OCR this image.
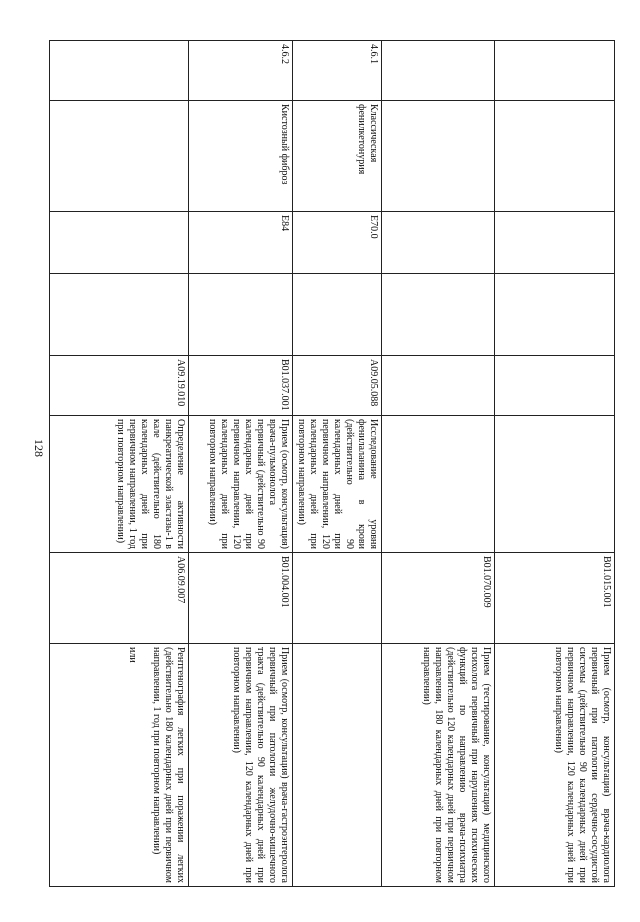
128
						B01.015.001	Прием (осмотр, консультация) врача-кардиолога первичный при патологии сердечно-сосудистой системы (действительно 90 календарных дней при первичном направлении, 120 календарных дней при повторном направлении)
						B01.070.009	Прием (тестирование, консультация) медицинского психолога первичный при нарушениях психических функций по направлению врача-психиатра (действительно 120 календарных дней при первичном направлении, 180 календарных дней при повторном направлении)
4.6.1	Классическая фенилкетонурия	E70.0		A09.05.088	Исследование уровня фенилаланина в крови (действительно 90 календарных дней при первичном направлении, 120 календарных дней при повторном направлении)		
4.6.2	Кистозный фиброз	E84		B01.037.001	Прием (осмотр, консультация) врача-пульмонолога первичный (действительно 90 календарных дней при первичном направлении, 120 календарных дней при повторном направлении)	B01.004.001	Прием (осмотр, консультация) врача-гастроэнтеролога первичный при патологии желудочно-кишечного тракта (действительно 90 календарных дней при первичном направлении, 120 календарных дней при повторном направлении)
				A09.19.010	Определение активности панкреатической эластазы-1 в кале (действительно 180 календарных дней при первичном направлении, 1 год при повторном направлении)	A06.09.007	Рентгенография легких при поражении легких (действительно 180 календарных дней при первичном направлении, 1 год при повторном направлении)
или
